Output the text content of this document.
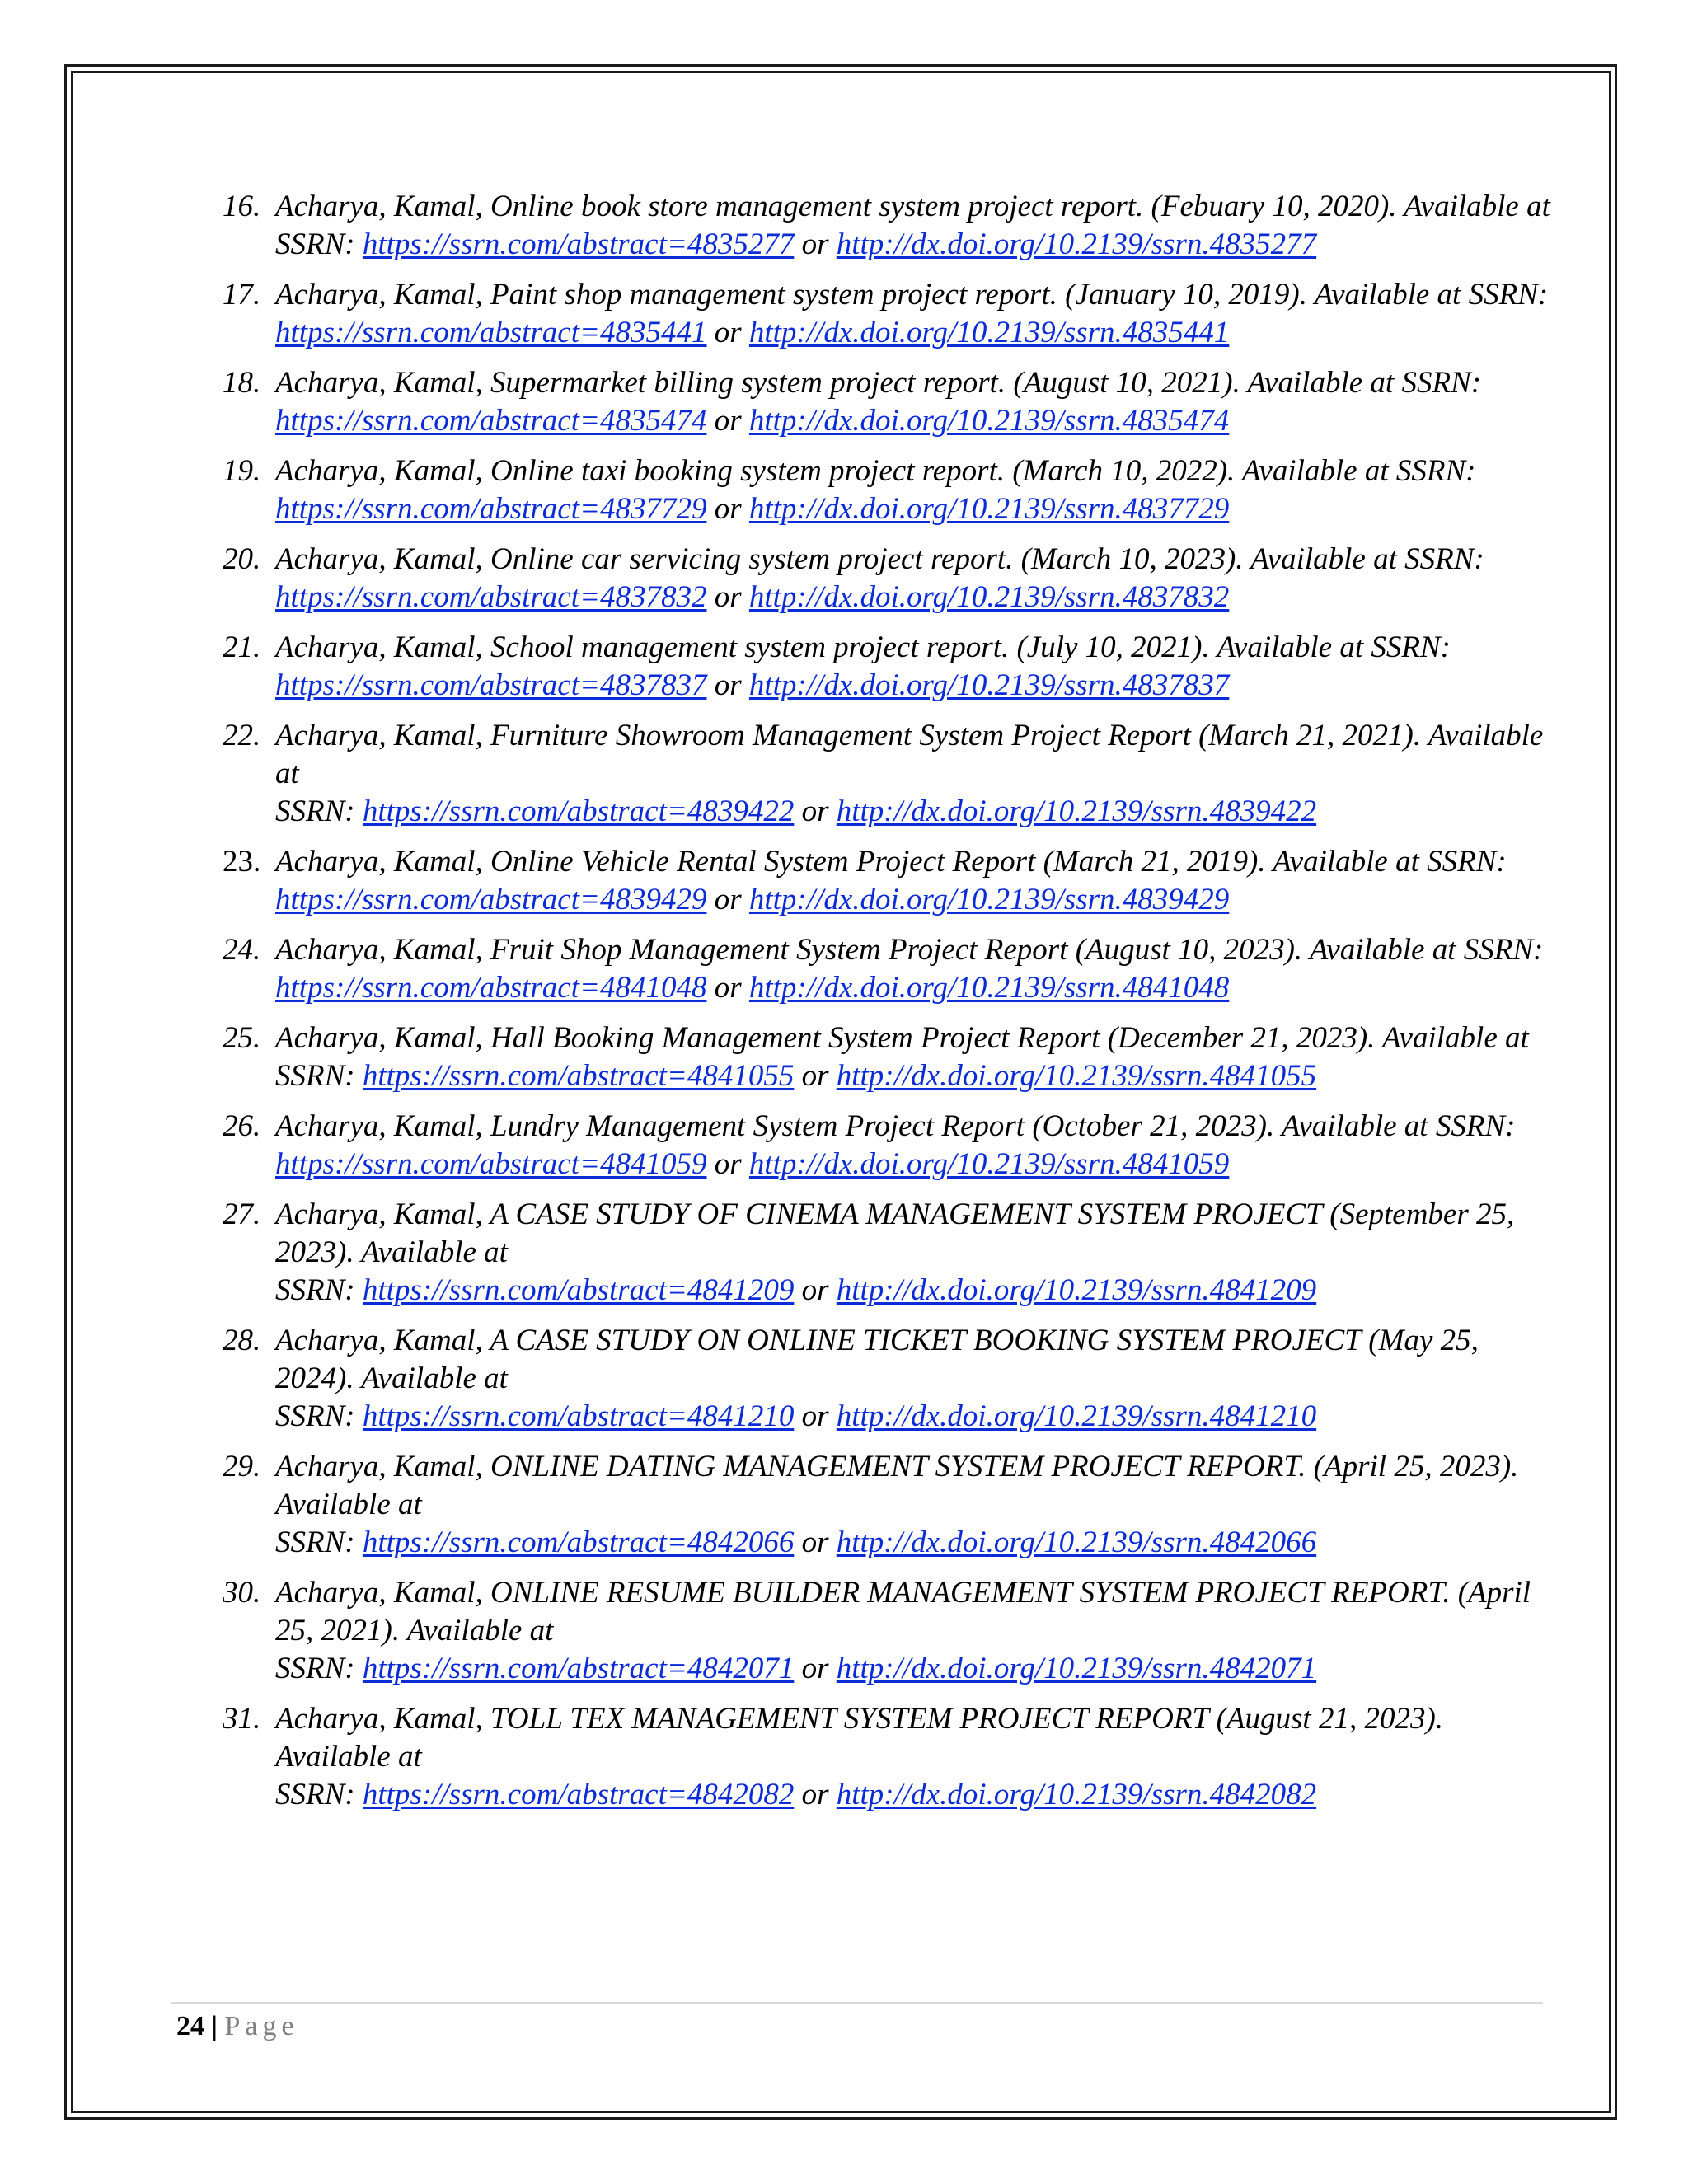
16. Acharya, Kamal, Online book store management system project report. (Febuary 10, 2020). Available at
SSRN: https://ssrn.com/abstract=4835277 or http://dx.doi.org/10.2139/ssrn.4835277
17. Acharya, Kamal, Paint shop management system project report. (January 10, 2019). Available at SSRN: https://ssrn.com/abstract=4835441 or http://dx.doi.org/10.2139/ssrn.4835441
18. Acharya, Kamal, Supermarket billing system project report. (August 10, 2021). Available at SSRN: https://ssrn.com/abstract=4835474 or http://dx.doi.org/10.2139/ssrn.4835474
19. Acharya, Kamal, Online taxi booking system project report. (March 10, 2022). Available at SSRN: https://ssrn.com/abstract=4837729 or http://dx.doi.org/10.2139/ssrn.4837729
20. Acharya, Kamal, Online car servicing system project report. (March 10, 2023). Available at SSRN: https://ssrn.com/abstract=4837832 or http://dx.doi.org/10.2139/ssrn.4837832
21. Acharya, Kamal, School management system project report. (July 10, 2021). Available at SSRN: https://ssrn.com/abstract=4837837 or http://dx.doi.org/10.2139/ssrn.4837837
22. Acharya, Kamal, Furniture Showroom Management System Project Report (March 21, 2021). Available at
SSRN: https://ssrn.com/abstract=4839422 or http://dx.doi.org/10.2139/ssrn.4839422
23. Acharya, Kamal, Online Vehicle Rental System Project Report (March 21, 2019). Available at SSRN: https://ssrn.com/abstract=4839429 or http://dx.doi.org/10.2139/ssrn.4839429
24. Acharya, Kamal, Fruit Shop Management System Project Report (August 10, 2023). Available at SSRN: https://ssrn.com/abstract=4841048 or http://dx.doi.org/10.2139/ssrn.4841048
25. Acharya, Kamal, Hall Booking Management System Project Report (December 21, 2023). Available at
SSRN: https://ssrn.com/abstract=4841055 or http://dx.doi.org/10.2139/ssrn.4841055
26. Acharya, Kamal, Lundry Management System Project Report (October 21, 2023). Available at SSRN: https://ssrn.com/abstract=4841059 or http://dx.doi.org/10.2139/ssrn.4841059
27. Acharya, Kamal, A CASE STUDY OF CINEMA MANAGEMENT SYSTEM PROJECT (September 25, 2023). Available at
SSRN: https://ssrn.com/abstract=4841209 or http://dx.doi.org/10.2139/ssrn.4841209
28. Acharya, Kamal, A CASE STUDY ON ONLINE TICKET BOOKING SYSTEM PROJECT (May 25, 2024). Available at
SSRN: https://ssrn.com/abstract=4841210 or http://dx.doi.org/10.2139/ssrn.4841210
29. Acharya, Kamal, ONLINE DATING MANAGEMENT SYSTEM PROJECT REPORT. (April 25, 2023). Available at
SSRN: https://ssrn.com/abstract=4842066 or http://dx.doi.org/10.2139/ssrn.4842066
30. Acharya, Kamal, ONLINE RESUME BUILDER MANAGEMENT SYSTEM PROJECT REPORT. (April 25, 2021). Available at
SSRN: https://ssrn.com/abstract=4842071 or http://dx.doi.org/10.2139/ssrn.4842071
31. Acharya, Kamal, TOLL TEX MANAGEMENT SYSTEM PROJECT REPORT (August 21, 2023). Available at
SSRN: https://ssrn.com/abstract=4842082 or http://dx.doi.org/10.2139/ssrn.4842082
24 | Page
